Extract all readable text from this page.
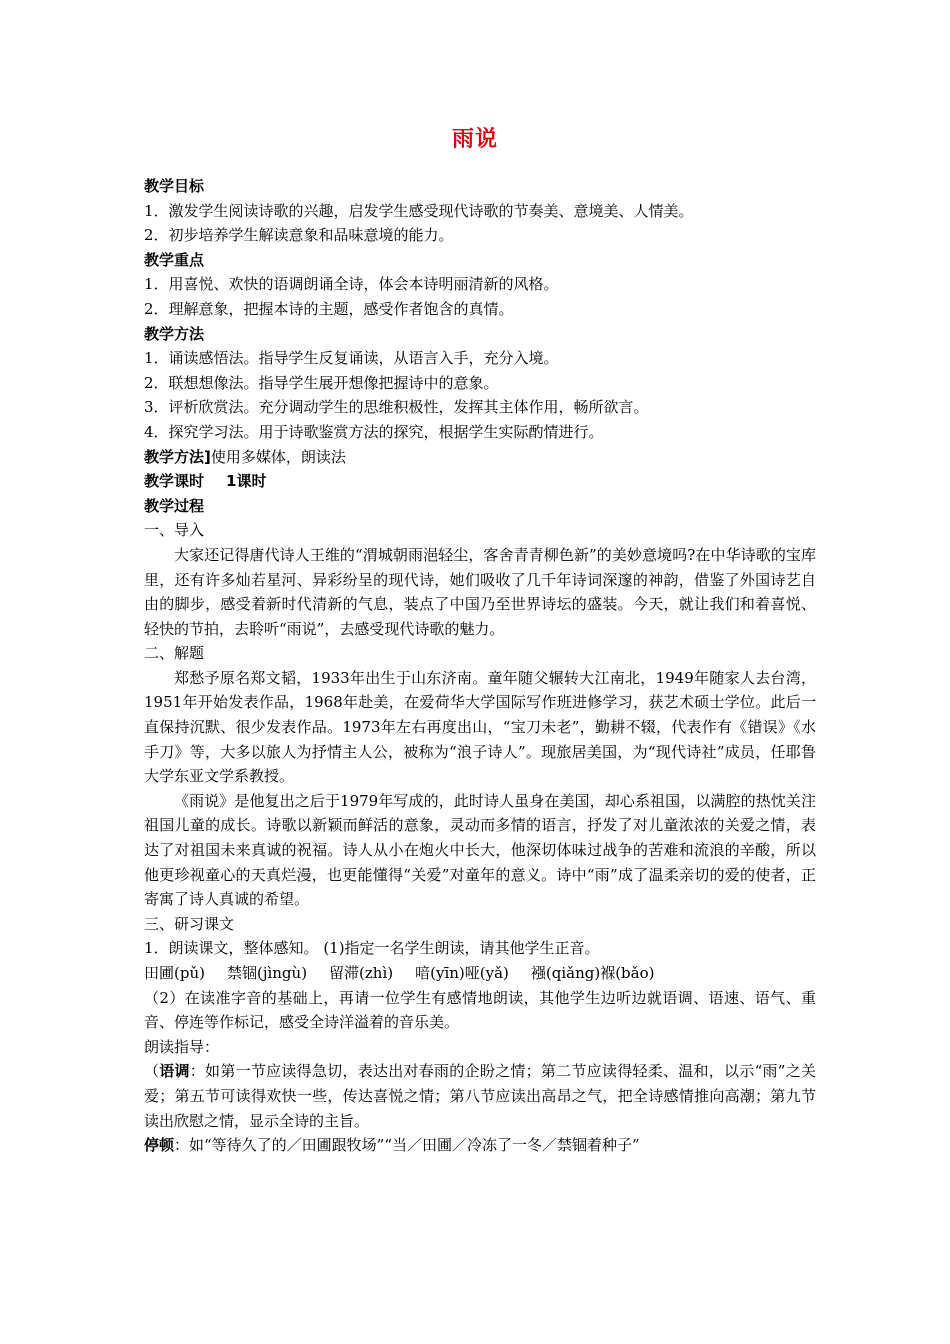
雨说

教学目标

1．激发学生阅读诗歌的兴趣，启发学生感受现代诗歌的节奏美、意境美、人情美。

2．初步培养学生解读意象和品味意境的能力。

教学重点

1．用喜悦、欢快的语调朗诵全诗，体会本诗明丽清新的风格。

2．理解意象，把握本诗的主题，感受作者饱含的真情。

教学方法

1．诵读感悟法。指导学生反复诵读，从语言入手，充分入境。

2．联想想像法。指导学生展开想像把握诗中的意象。

3．评析欣赏法。充分调动学生的思维积极性，发挥其主体作用，畅所欲言。

4．探究学习法。用于诗歌鉴赏方法的探究，根据学生实际酌情进行。

教学方法]使用多媒体，朗读法

教学课时 1课时

教学过程

一、导入

大家还记得唐代诗人王维的“渭城朝雨浥轻尘，客舍青青柳色新”的美妙意境吗?在中华诗歌的宝库里，还有许多灿若星河、异彩纷呈的现代诗，她们吸收了几千年诗词深邃的神韵，借鉴了外国诗艺自由的脚步，感受着新时代清新的气息，装点了中国乃至世界诗坛的盛装。今天，就让我们和着喜悦、轻快的节拍，去聆听“雨说”，去感受现代诗歌的魅力。

二、解题

郑愁予原名郑文韬，1933年出生于山东济南。童年随父辗转大江南北，1949年随家人去台湾，1951年开始发表作品，1968年赴美，在爱荷华大学国际写作班进修学习，获艺术硕士学位。此后一直保持沉默、很少发表作品。1973年左右再度出山，“宝刀未老”，勤耕不辍，代表作有《错误》《水手刀》等，大多以旅人为抒情主人公，被称为“浪子诗人”。现旅居美国，为“现代诗社”成员，任耶鲁大学东亚文学系教授。

《雨说》是他复出之后于1979年写成的，此时诗人虽身在美国，却心系祖国，以满腔的热忱关注祖国儿童的成长。诗歌以新颖而鲜活的意象，灵动而多情的语言，抒发了对儿童浓浓的关爱之情，表达了对祖国未来真诚的祝福。诗人从小在炮火中长大，他深切体味过战争的苦难和流浪的辛酸，所以他更珍视童心的天真烂漫，也更能懂得“关爱”对童年的意义。诗中“雨”成了温柔亲切的爱的使者，正寄寓了诗人真诚的希望。

三、研习课文

1．朗读课文，整体感知。 (1)指定一名学生朗读，请其他学生正音。

田圃(pǔ) 禁锢(jìngù) 留滞(zhì) 喑(yīn)哑(yǎ) 襁(qiǎng)褓(bǎo)

（2）在读准字音的基础上，再请一位学生有感情地朗读，其他学生边听边就语调、语速、语气、重音、停连等作标记，感受全诗洋溢着的音乐美。

朗读指导：

（语调：如第一节应读得急切，表达出对春雨的企盼之情；第二节应读得轻柔、温和，以示“雨”之关爱；第五节可读得欢快一些，传达喜悦之情；第八节应读出高昂之气，把全诗感情推向高潮；第九节读出欣慰之情，显示全诗的主旨。

停顿：如“等待久了的／田圃跟牧场”“当／田圃／冷冻了一冬／禁锢着种子”
